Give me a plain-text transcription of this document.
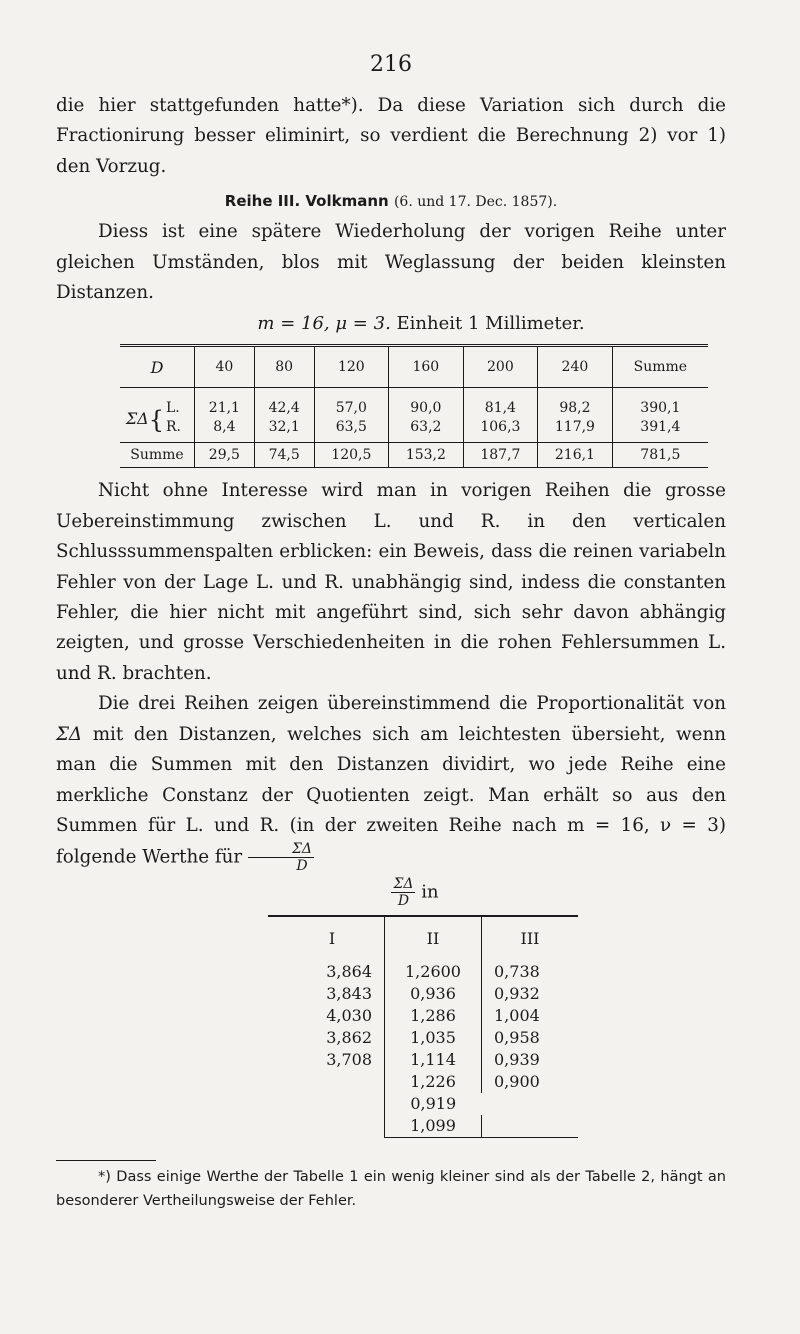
216

die hier stattgefunden hatte*). Da diese Variation sich durch die Fractionirung besser eliminirt, so verdient die Berechnung 2) vor 1) den Vorzug.

Reihe III. Volkmann (6. und 17. Dec. 1857).

Diess ist eine spätere Wiederholung der vorigen Reihe unter gleichen Umständen, blos mit Weglassung der beiden kleinsten Distanzen.

m = 16, μ = 3. Einheit 1 Millimeter.
D		40	80	120	160	200	240	Summe
ΣΔ{	L.	21,1	42,4	57,0	90,0	81,4	98,2	390,1
	R.	8,4	32,1	63,5	63,2	106,3	117,9	391,4
Summe		29,5	74,5	120,5	153,2	187,7	216,1	781,5

Nicht ohne Interesse wird man in vorigen Reihen die grosse Uebereinstimmung zwischen L. und R. in den verticalen Schlusssummenspalten erblicken: ein Beweis, dass die reinen variabeln Fehler von der Lage L. und R. unabhängig sind, indess die constanten Fehler, die hier nicht mit angeführt sind, sich sehr davon abhängig zeigten, und grosse Verschiedenheiten in die rohen Fehlersummen L. und R. brachten.

Die drei Reihen zeigen übereinstimmend die Proportionalität von ΣΔ mit den Distanzen, welches sich am leichtesten übersieht, wenn man die Summen mit den Distanzen dividirt, wo jede Reihe eine merkliche Constanz der Quotienten zeigt. Man erhält so aus den Summen für L. und R. (in der zweiten Reihe nach m = 16, ν = 3) folgende Werthe für $\frac{\Sigma\Delta}{D}$

$\frac{\Sigma\Delta}{D}$ in
I	II	III
3,864	1,2600	0,738
3,843	0,936	0,932
4,030	1,286	1,004
3,862	1,035	0,958
3,708	1,114	0,939
	1,226	0,900
	0,919	
	1,099	
*) Dass einige Werthe der Tabelle 1 ein wenig kleiner sind als der Tabelle 2, hängt an besonderer Vertheilungsweise der Fehler.
